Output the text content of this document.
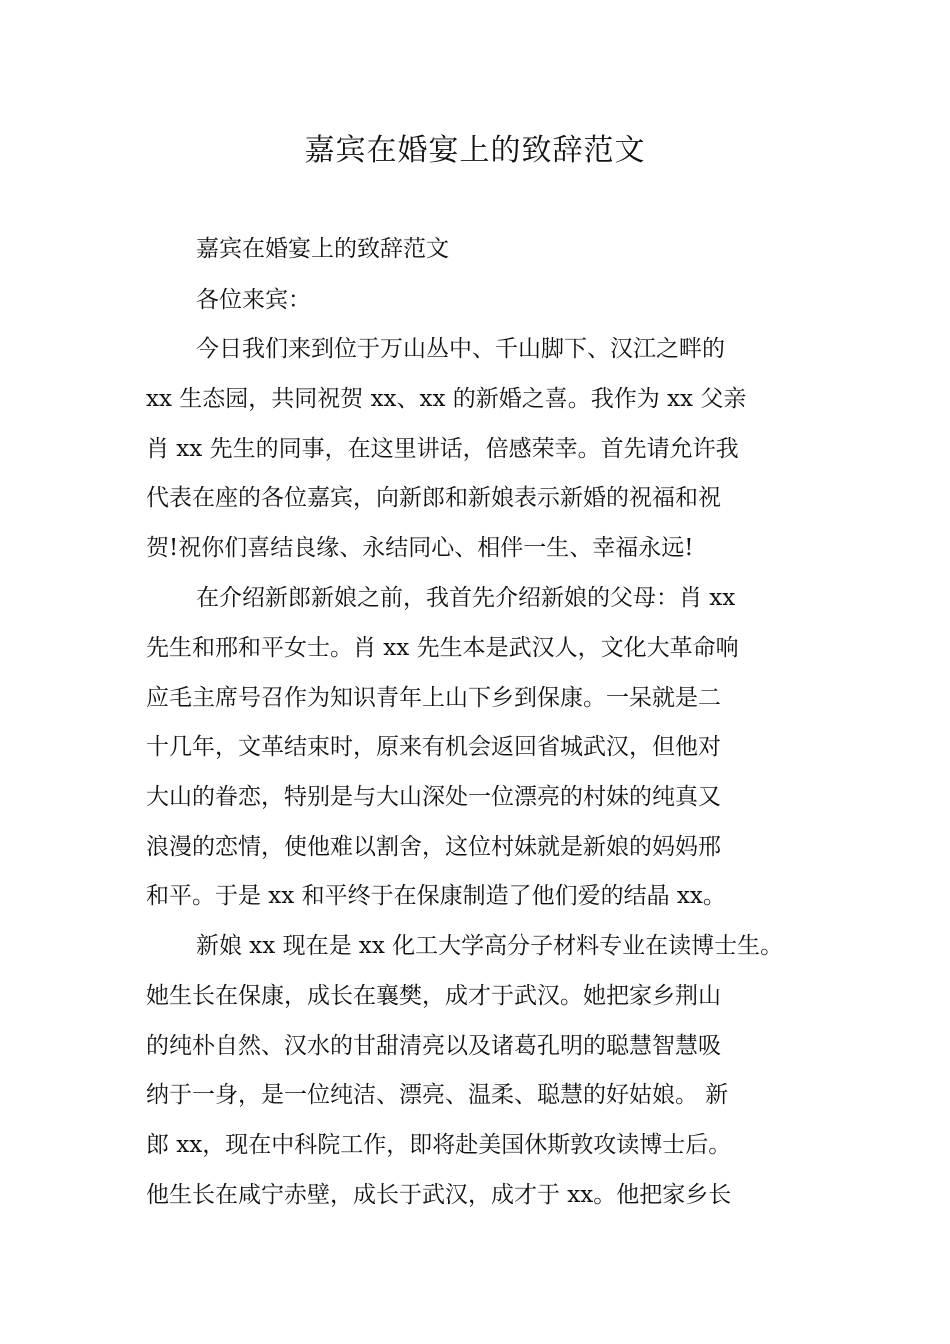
嘉宾在婚宴上的致辞范文
嘉宾在婚宴上的致辞范文
各位来宾：
今日我们来到位于万山丛中、千山脚下、汉江之畔的
xx 生态园，共同祝贺 xx、xx 的新婚之喜。我作为 xx 父亲
肖 xx 先生的同事，在这里讲话，倍感荣幸。首先请允许我
代表在座的各位嘉宾，向新郎和新娘表示新婚的祝福和祝
贺!祝你们喜结良缘、永结同心、相伴一生、幸福永远!
在介绍新郎新娘之前，我首先介绍新娘的父母：肖 xx
先生和邢和平女士。肖 xx 先生本是武汉人，文化大革命响
应毛主席号召作为知识青年上山下乡到保康。一呆就是二
十几年，文革结束时，原来有机会返回省城武汉，但他对
大山的眷恋，特别是与大山深处一位漂亮的村妹的纯真又
浪漫的恋情，使他难以割舍，这位村妹就是新娘的妈妈邢
和平。于是 xx 和平终于在保康制造了他们爱的结晶 xx。
新娘 xx 现在是 xx 化工大学高分子材料专业在读博士生。
她生长在保康，成长在襄樊，成才于武汉。她把家乡荆山
的纯朴自然、汉水的甘甜清亮以及诸葛孔明的聪慧智慧吸
纳于一身，是一位纯洁、漂亮、温柔、聪慧的好姑娘。 新
郎 xx，现在中科院工作，即将赴美国休斯敦攻读博士后。
他生长在咸宁赤壁，成长于武汉，成才于 xx。他把家乡长
